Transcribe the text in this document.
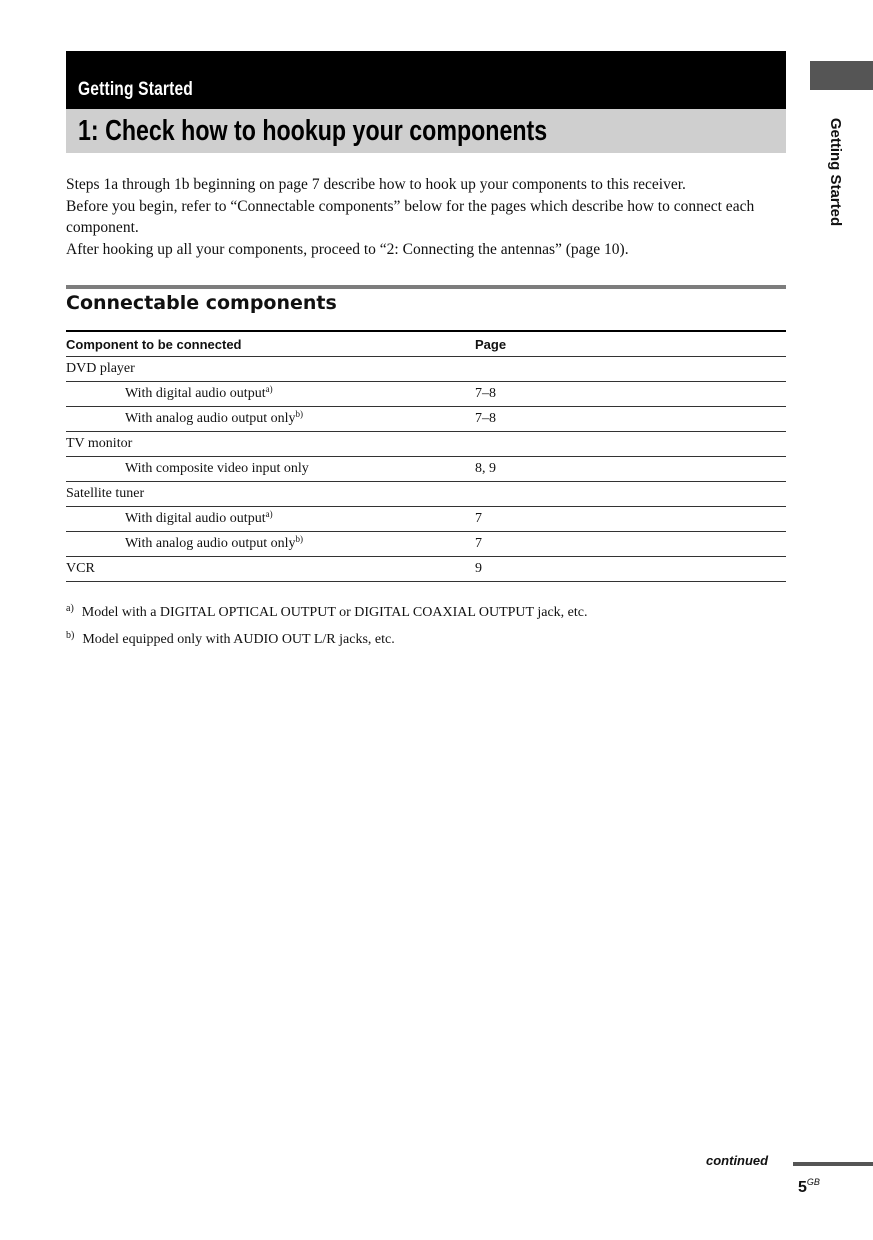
Getting Started
1: Check how to hookup your components	Getting Started

Steps 1a through 1b beginning on page 7 describe how to hook up your components to this receiver.

Before you begin, refer to “Connectable components” below for the pages which describe how to connect each component.

After hooking up all your components, proceed to “2: Connecting the antennas” (page 10).

Connectable components
Component to be connected	Page
DVD player	
With digital audio output$^{a)}$	7–8
With analog audio output only$^{b)}$	7–8
TV monitor	
With composite video input only	8, 9
Satellite tuner	
With digital audio output$^{a)}$	7
With analog audio output only$^{b)}$	7
VCR	9
$^{a)}$ Model with a DIGITAL OPTICAL OUTPUT or DIGITAL COAXIAL OUTPUT jack, etc.
$^{b)}$ Model equipped only with AUDIO OUT L/R jacks, etc.
continued
$5^{GB}$
